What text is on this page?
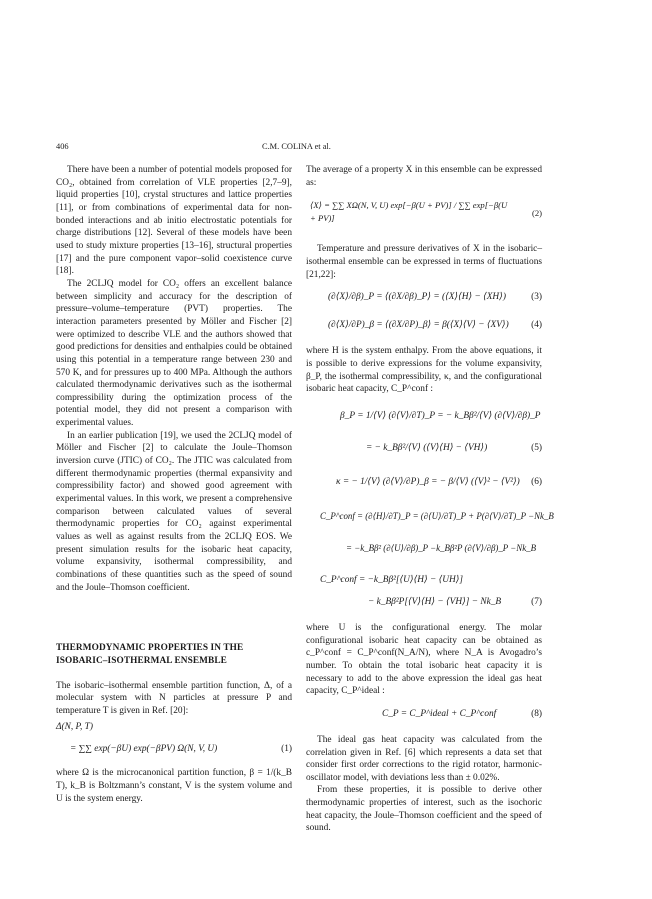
406	C.M. COLINA et al.

There have been a number of potential models proposed for CO₂, obtained from correlation of VLE properties [2,7–9], liquid properties [10], crystal structures and lattice properties [11], or from combinations of experimental data for non-bonded interactions and ab initio electrostatic potentials for charge distributions [12]. Several of these models have been used to study mixture properties [13–16], structural properties [17] and the pure component vapor–solid coexistence curve [18].

The 2CLJQ model for CO₂ offers an excellent balance between simplicity and accuracy for the description of pressure–volume–temperature (PVT) properties. The interaction parameters presented by Möller and Fischer [2] were optimized to describe VLE and the authors showed that good predictions for densities and enthalpies could be obtained using this potential in a temperature range between 230 and 570 K, and for pressures up to 400 MPa. Although the authors calculated thermodynamic derivatives such as the isothermal compressibility during the optimization process of the potential model, they did not present a comparison with experimental values.

In an earlier publication [19], we used the 2CLJQ model of Möller and Fischer [2] to calculate the Joule–Thomson inversion curve (JTIC) of CO₂. The JTIC was calculated from different thermodynamic properties (thermal expansivity and compressibility factor) and showed good agreement with experimental values. In this work, we present a comprehensive comparison between calculated values of several thermodynamic properties for CO₂ against experimental values as well as against results from the 2CLJQ EOS. We present simulation results for the isobaric heat capacity, volume expansivity, isothermal compressibility, and combinations of these quantities such as the speed of sound and the Joule–Thomson coefficient.

THERMODYNAMIC PROPERTIES IN THE ISOBARIC–ISOTHERMAL ENSEMBLE

The isobaric–isothermal ensemble partition function, Δ, of a molecular system with N particles at pressure P and temperature T is given in Ref. [20]:

Δ(N, P, T)
= ∑∑ exp(−βU) exp(−βPV) Ω(N, V, U)	(1)

where Ω is the microcanonical partition function, β = 1/(k_B T), k_B is Boltzmann’s constant, V is the system volume and U is the system energy.

The average of a property X in this ensemble can be expressed as:

⟨X⟩ = ∑∑ XΩ(N, V, U) exp[−β(U + PV)] / ∑∑ exp[−β(U + PV)]	(2)

Temperature and pressure derivatives of X in the isobaric–isothermal ensemble can be expressed in terms of fluctuations [21,22]:

(∂⟨X⟩/∂β)_P = ⟨(∂X/∂β)_P⟩ = (⟨X⟩⟨H⟩ − ⟨XH⟩)	(3)
(∂⟨X⟩/∂P)_β = ⟨(∂X/∂P)_β⟩ = β(⟨X⟩⟨V⟩ − ⟨XV⟩) (4)

where H is the system enthalpy. From the above equations, it is possible to derive expressions for the volume expansivity, β_P, the isothermal compressibility, κ, and the configurational isobaric heat capacity, C_P^conf :

β_P = 1/⟨V⟩ (∂⟨V⟩/∂T)_P = − k_Bβ²/⟨V⟩ (∂⟨V⟩/∂β)_P
= − k_Bβ²/⟨V⟩ (⟨V⟩⟨H⟩ − ⟨VH⟩)	(5)
κ = − 1/⟨V⟩ (∂⟨V⟩/∂P)_β = − β/⟨V⟩ (⟨V⟩² − ⟨V²⟩) (6)
C_P^conf = (∂⟨H⟩/∂T)_P = (∂⟨U⟩/∂T)_P + P(∂⟨V⟩/∂T)_P −Nk_B
= −k_Bβ² (∂⟨U⟩/∂β)_P −k_Bβ²P (∂⟨V⟩/∂β)_P −Nk_B
C_P^conf = −k_Bβ²[⟨U⟩⟨H⟩ − ⟨UH⟩]
− k_Bβ²P[⟨V⟩⟨H⟩ − ⟨VH⟩] − Nk_B	(7)

where U is the configurational energy. The molar configurational isobaric heat capacity can be obtained as c_P^conf = C_P^conf(N_A/N), where N_A is Avogadro’s number. To obtain the total isobaric heat capacity it is necessary to add to the above expression the ideal gas heat capacity, C_P^ideal :

C_P = C_P^ideal + C_P^conf	(8)

The ideal gas heat capacity was calculated from the correlation given in Ref. [6] which represents a data set that consider first order corrections to the rigid rotator, harmonic-oscillator model, with deviations less than ± 0.02%.

From these properties, it is possible to derive other thermodynamic properties of interest, such as the isochoric heat capacity, the Joule–Thomson coefficient and the speed of sound.
